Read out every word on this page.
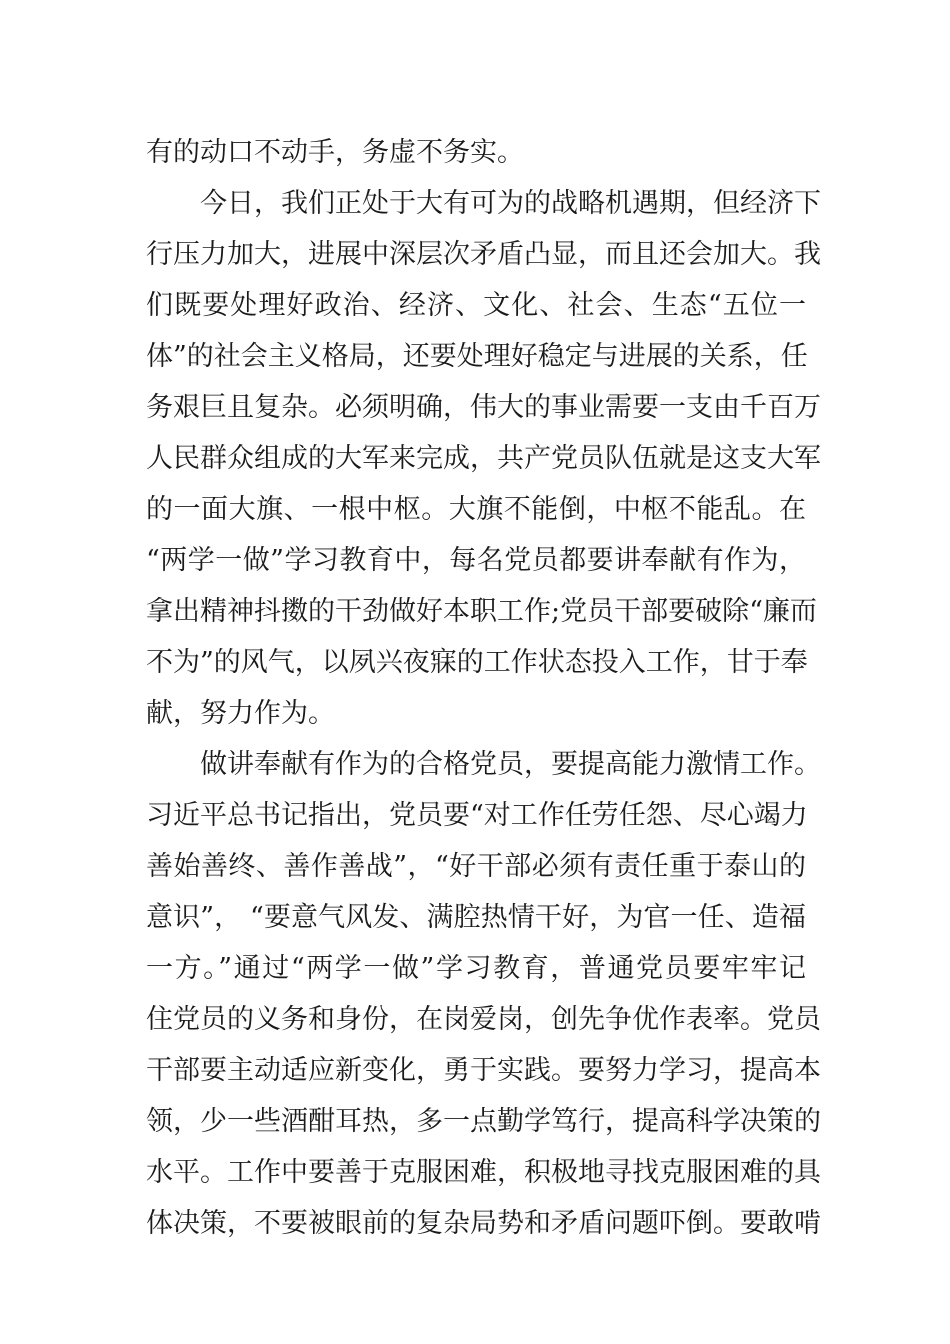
有的动口不动手，务虚不务实。
今日，我们正处于大有可为的战略机遇期，但经济下
行压力加大，进展中深层次矛盾凸显，而且还会加大。我
们既要处理好政治、经济、文化、社会、生态“五位一
体”的社会主义格局，还要处理好稳定与进展的关系，任
务艰巨且复杂。必须明确，伟大的事业需要一支由千百万
人民群众组成的大军来完成，共产党员队伍就是这支大军
的一面大旗、一根中枢。大旗不能倒，中枢不能乱。在
“两学一做”学习教育中，每名党员都要讲奉献有作为，
拿出精神抖擞的干劲做好本职工作;党员干部要破除“廉而
不为”的风气，以夙兴夜寐的工作状态投入工作，甘于奉
献，努力作为。
做讲奉献有作为的合格党员，要提高能力激情工作。
习近平总书记指出，党员要“对工作任劳任怨、尽心竭力
善始善终、善作善战”，“好干部必须有责任重于泰山的
意识”， “要意气风发、满腔热情干好，为官一任、造福
一方。”通过“两学一做”学习教育，普通党员要牢牢记
住党员的义务和身份，在岗爱岗，创先争优作表率。党员
干部要主动适应新变化，勇于实践。要努力学习，提高本
领，少一些酒酣耳热，多一点勤学笃行，提高科学决策的
水平。工作中要善于克服困难，积极地寻找克服困难的具
体决策，不要被眼前的复杂局势和矛盾问题吓倒。要敢啃
